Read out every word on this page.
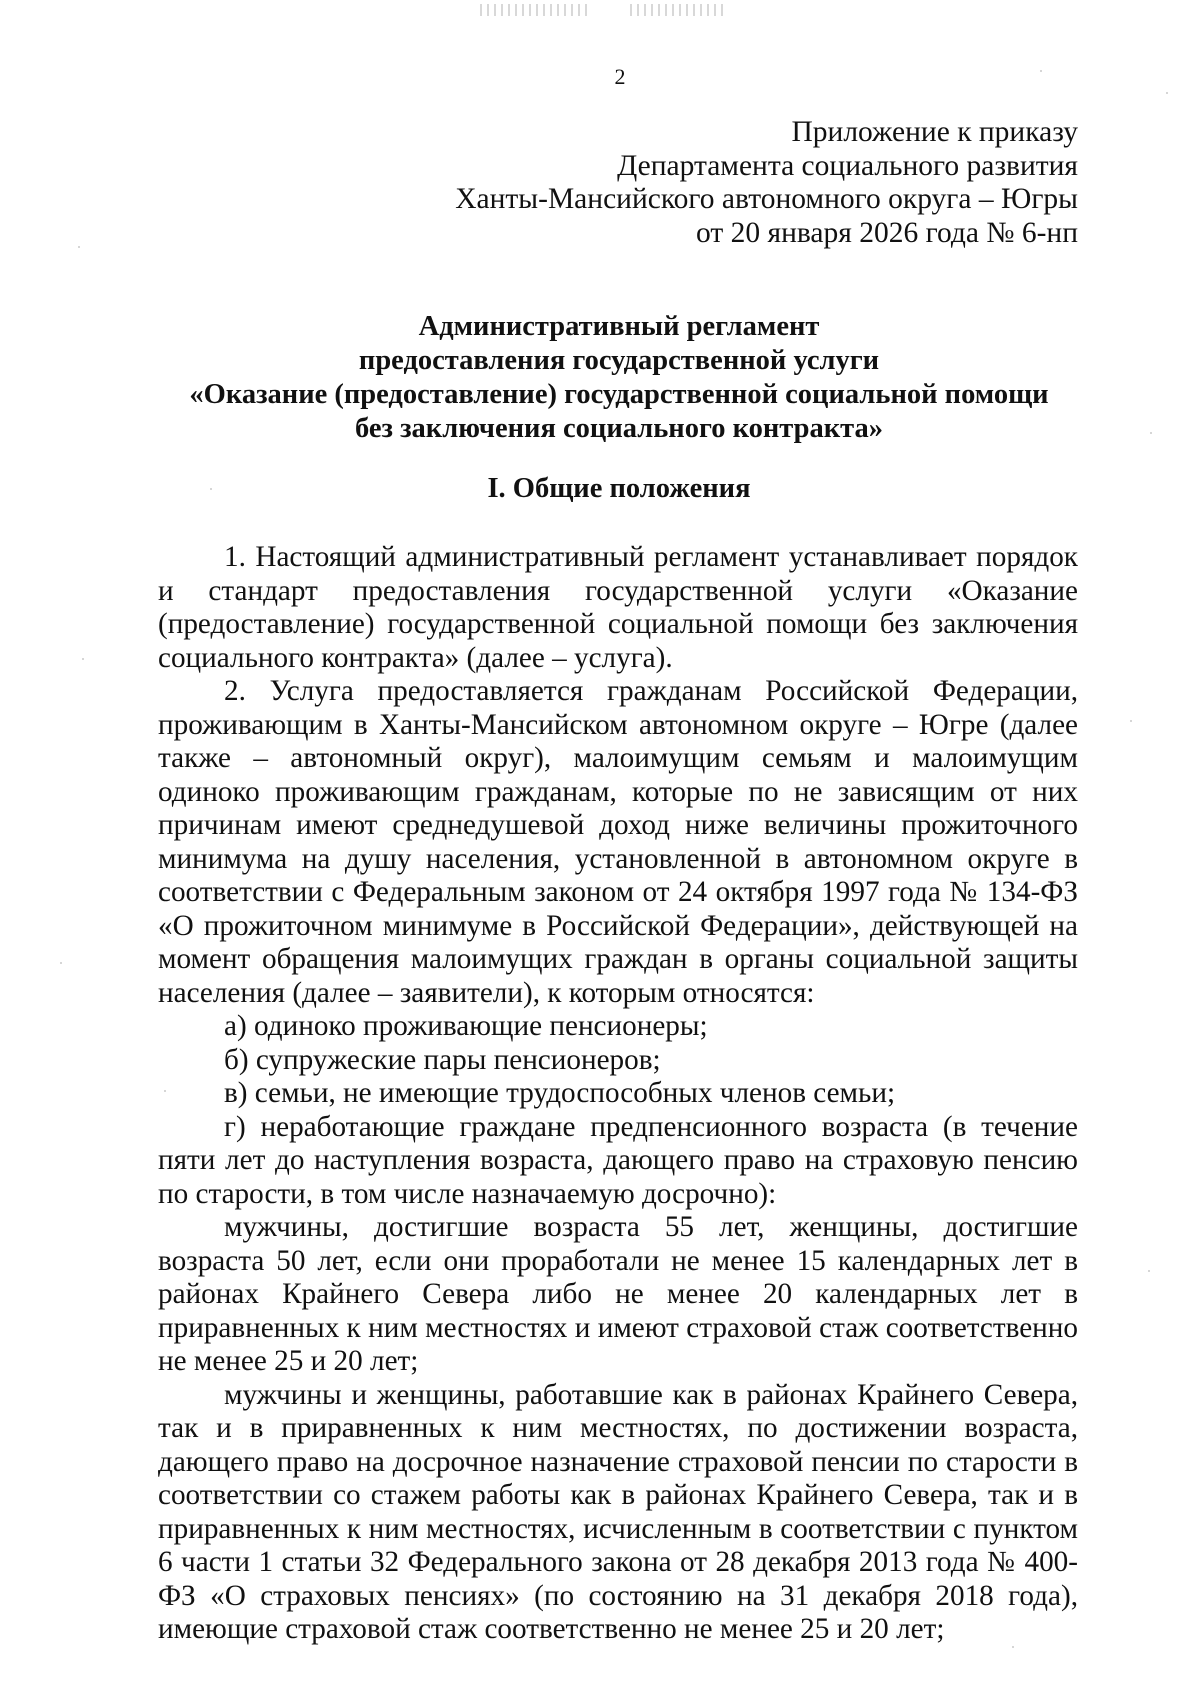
2
Приложение к приказу
Департамента социального развития
Ханты-Мансийского автономного округа – Югры
от 20 января 2026 года № 6-нп
Административный регламент
предоставления государственной услуги
«Оказание (предоставление) государственной социальной помощи
без заключения социального контракта»
I. Общие положения

1. Настоящий административный регламент устанавливает порядок и стандарт предоставления государственной услуги «Оказание (предоставление) государственной социальной помощи без заключения социального контракта» (далее – услуга).

2. Услуга предоставляется гражданам Российской Федерации, проживающим в Ханты-Мансийском автономном округе – Югре (далее также – автономный округ), малоимущим семьям и малоимущим одиноко проживающим гражданам, которые по не зависящим от них причинам имеют среднедушевой доход ниже величины прожиточного минимума на душу населения, установленной в автономном округе в соответствии с Федеральным законом от 24 октября 1997 года № 134-ФЗ «О прожиточном минимуме в Российской Федерации», действующей на момент обращения малоимущих граждан в органы социальной защиты населения (далее – заявители), к которым относятся:

а) одиноко проживающие пенсионеры;

б) супружеские пары пенсионеров;

в) семьи, не имеющие трудоспособных членов семьи;

г) неработающие граждане предпенсионного возраста (в течение пяти лет до наступления возраста, дающего право на страховую пенсию по старости, в том числе назначаемую досрочно):

мужчины, достигшие возраста 55 лет, женщины, достигшие возраста 50 лет, если они проработали не менее 15 календарных лет в районах Крайнего Севера либо не менее 20 календарных лет в приравненных к ним местностях и имеют страховой стаж соответственно не менее 25 и 20 лет;

мужчины и женщины, работавшие как в районах Крайнего Севера, так и в приравненных к ним местностях, по достижении возраста, дающего право на досрочное назначение страховой пенсии по старости в соответствии со стажем работы как в районах Крайнего Севера, так и в приравненных к ним местностях, исчисленным в соответствии с пунктом 6 части 1 статьи 32 Федерального закона от 28 декабря 2013 года № 400-ФЗ «О страховых пенсиях» (по состоянию на 31 декабря 2018 года), имеющие страховой стаж соответственно не менее 25 и 20 лет;
